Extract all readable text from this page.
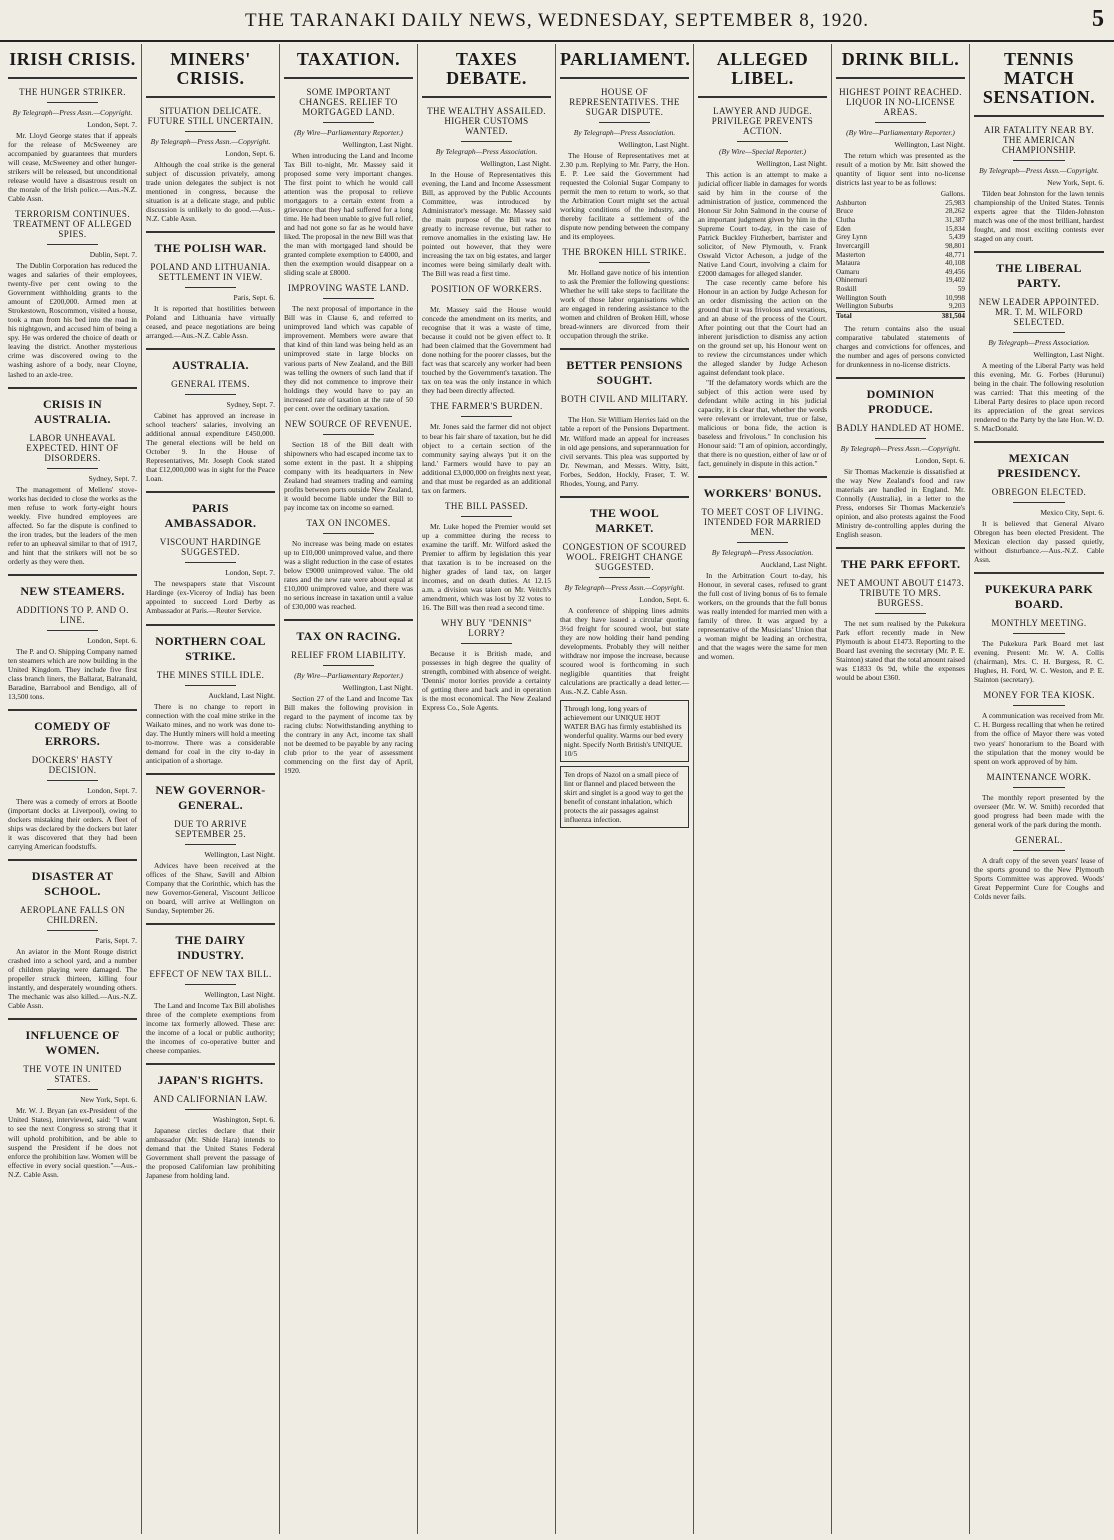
THE TARANAKI DAILY NEWS, WEDNESDAY, SEPTEMBER 8, 1920.	5
IRISH CRISIS.
THE HUNGER STRIKER.
By Telegraph—Press Assn.—Copyright.
London, Sept. 7.

Mr. Lloyd George states that if appeals for the release of McSweeney are accompanied by guarantees that murders will cease, McSweeney and other hunger-strikers will be released, but unconditional release would have a disastrous result on the morale of the Irish police.—Aus.-N.Z. Cable Assn.

TERRORISM CONTINUES. TREATMENT OF ALLEGED SPIES.
Dublin, Sept. 7.

The Dublin Corporation has reduced the wages and salaries of their employees, twenty-five per cent owing to the Government withholding grants to the amount of £200,000. Armed men at Strokestown, Roscommon, visited a house, took a man from his bed into the road in his nightgown, and accused him of being a spy. He was ordered the choice of death or leaving the district. Another mysterious crime was discovered owing to the washing ashore of a body, near Cloyne, lashed to an axle-tree.

CRISIS IN AUSTRALIA.
LABOR UNHEAVAL EXPECTED. HINT OF DISORDERS.
Sydney, Sept. 7.

The management of Mellens' stove-works has decided to close the works as the men refuse to work forty-eight hours weekly. Five hundred employees are affected. So far the dispute is confined to the iron trades, but the leaders of the men refer to an upheaval similar to that of 1917, and hint that the strikers will not be so orderly as they were then.

NEW STEAMERS.
ADDITIONS TO P. AND O. LINE.
London, Sept. 6.

The P. and O. Shipping Company named ten steamers which are now building in the United Kingdom. They include five first class branch liners, the Ballarat, Balranald, Baradine, Barrabool and Bendigo, all of 13,500 tons.

COMEDY OF ERRORS.
DOCKERS' HASTY DECISION.
London, Sept. 7.

There was a comedy of errors at Bootle (important docks at Liverpool), owing to dockers mistaking their orders. A fleet of ships was declared by the dockers but later it was discovered that they had been carrying American foodstuffs.

DISASTER AT SCHOOL.
AEROPLANE FALLS ON CHILDREN.
Paris, Sept. 7.

An aviator in the Mont Rouge district crashed into a school yard, and a number of children playing were damaged. The propeller struck thirteen, killing four instantly, and desperately wounding others. The mechanic was also killed.—Aus.-N.Z. Cable Assn.

INFLUENCE OF WOMEN.
THE VOTE IN UNITED STATES.
New York, Sept. 6.

Mr. W. J. Bryan (an ex-President of the United States), interviewed, said: "I want to see the next Congress so strong that it will uphold prohibition, and be able to suspend the President if he does not enforce the prohibition law. Women will be effective in every social question."—Aus.-N.Z. Cable Assn.

MINERS' CRISIS.
SITUATION DELICATE. FUTURE STILL UNCERTAIN.
By Telegraph—Press Assn.—Copyright.
London, Sept. 6.

Although the coal strike is the general subject of discussion privately, among trade union delegates the subject is not mentioned in congress, because the situation is at a delicate stage, and public discussion is unlikely to do good.—Aus.-N.Z. Cable Assn.

THE POLISH WAR.
POLAND AND LITHUANIA. SETTLEMENT IN VIEW.
Paris, Sept. 6.

It is reported that hostilities between Poland and Lithuania have virtually ceased, and peace negotiations are being arranged.—Aus.-N.Z. Cable Assn.

AUSTRALIA.
GENERAL ITEMS.
Sydney, Sept. 7.

Cabinet has approved an increase in school teachers' salaries, involving an additional annual expenditure £450,000. The general elections will be held on October 9. In the House of Representatives, Mr. Joseph Cook stated that £12,000,000 was in sight for the Peace Loan.

PARIS AMBASSADOR.
VISCOUNT HARDINGE SUGGESTED.
London, Sept. 7.

The newspapers state that Viscount Hardinge (ex-Viceroy of India) has been appointed to succeed Lord Derby as Ambassador at Paris.—Reuter Service.

NORTHERN COAL STRIKE.
THE MINES STILL IDLE.
Auckland, Last Night.

There is no change to report in connection with the coal mine strike in the Waikato mines, and no work was done to-day. The Huntly miners will hold a meeting to-morrow. There was a considerable demand for coal in the city to-day in anticipation of a shortage.

NEW GOVERNOR-GENERAL.
DUE TO ARRIVE SEPTEMBER 25.
Wellington, Last Night.

Advices have been received at the offices of the Shaw, Savill and Albion Company that the Corinthic, which has the new Governor-General, Viscount Jellicoe on board, will arrive at Wellington on Sunday, September 26.

THE DAIRY INDUSTRY.
EFFECT OF NEW TAX BILL.
Wellington, Last Night.

The Land and Income Tax Bill abolishes three of the complete exemptions from income tax formerly allowed. These are: the income of a local or public authority; the incomes of co-operative butter and cheese companies.

JAPAN'S RIGHTS.
AND CALIFORNIAN LAW.
Washington, Sept. 6.

Japanese circles declare that their ambassador (Mr. Shide Hara) intends to demand that the United States Federal Government shall prevent the passage of the proposed Californian law prohibiting Japanese from holding land.

TAXATION.
SOME IMPORTANT CHANGES. RELIEF TO MORTGAGED LAND.
(By Wire—Parliamentary Reporter.)
Wellington, Last Night.

When introducing the Land and Income Tax Bill to-night, Mr. Massey said it proposed some very important changes. The first point to which he would call attention was the proposal to relieve mortgagors to a certain extent from a grievance that they had suffered for a long time. He had been unable to give full relief, and had not gone so far as he would have liked. The proposal in the new Bill was that the man with mortgaged land should be granted complete exemption to £4000, and then the exemption would disappear on a sliding scale at £8000.

IMPROVING WASTE LAND.

The next proposal of importance in the Bill was in Clause 6, and referred to unimproved land which was capable of improvement. Members were aware that that kind of thin land was being held as an unimproved state in large blocks on various parts of New Zealand, and the Bill was telling the owners of such land that if they did not commence to improve their holdings they would have to pay an increased rate of taxation at the rate of 50 per cent. over the ordinary taxation.

NEW SOURCE OF REVENUE.

Section 18 of the Bill dealt with shipowners who had escaped income tax to some extent in the past. It a shipping company with its headquarters in New Zealand had steamers trading and earning profits between ports outside New Zealand, it would become liable under the Bill to pay income tax on income so earned.

TAX ON INCOMES.

No increase was being made on estates up to £10,000 unimproved value, and there was a slight reduction in the case of estates below £9000 unimproved value. The old rates and the new rate were about equal at £10,000 unimproved value, and there was no serious increase in taxation until a value of £30,000 was reached.

TAX ON RACING.
RELIEF FROM LIABILITY.
(By Wire—Parliamentary Reporter.)
Wellington, Last Night.

Section 27 of the Land and Income Tax Bill makes the following provision in regard to the payment of income tax by racing clubs: Notwithstanding anything to the contrary in any Act, income tax shall not be deemed to be payable by any racing club prior to the year of assessment commencing on the first day of April, 1920.

TAXES DEBATE.
THE WEALTHY ASSAILED. HIGHER CUSTOMS WANTED.
By Telegraph—Press Association.
Wellington, Last Night.

In the House of Representatives this evening, the Land and Income Assessment Bill, as approved by the Public Accounts Committee, was introduced by Administrator's message. Mr. Massey said the main purpose of the Bill was not greatly to increase revenue, but rather to remove anomalies in the existing law. He pointed out however, that they were increasing the tax on big estates, and larger incomes were being similarly dealt with. The Bill was read a first time.

POSITION OF WORKERS.

Mr. Massey said the House would concede the amendment on its merits, and recognise that it was a waste of time, because it could not be given effect to. It had been claimed that the Government had done nothing for the poorer classes, but the fact was that scarcely any worker had been touched by the Government's taxation. The tax on tea was the only instance in which they had been directly affected.

THE FARMER'S BURDEN.

Mr. Jones said the farmer did not object to bear his fair share of taxation, but he did object to a certain section of the community saying always 'put it on the land.' Farmers would have to pay an additional £3,000,000 on freights next year, and that must be regarded as an additional tax on farmers.

THE BILL PASSED.

Mr. Luke hoped the Premier would set up a committee during the recess to examine the tariff. Mr. Wilford asked the Premier to affirm by legislation this year that taxation is to be increased on the higher grades of land tax, on larger incomes, and on death duties. At 12.15 a.m. a division was taken on Mr. Veitch's amendment, which was lost by 32 votes to 16. The Bill was then read a second time.

WHY BUY "DENNIS" LORRY?

Because it is British made, and possesses in high degree the quality of strength, combined with absence of weight. 'Dennis' motor lorries provide a certainty of getting there and back and in operation is the most economical. The New Zealand Express Co., Sole Agents.

PARLIAMENT.
HOUSE OF REPRESENTATIVES. THE SUGAR DISPUTE.
By Telegraph—Press Association.
Wellington, Last Night.

The House of Representatives met at 2.30 p.m. Replying to Mr. Parry, the Hon. E. P. Lee said the Government had requested the Colonial Sugar Company to permit the men to return to work, so that the Arbitration Court might set the actual working conditions of the industry, and thereby facilitate a settlement of the dispute now pending between the company and its employees.

THE BROKEN HILL STRIKE.

Mr. Holland gave notice of his intention to ask the Premier the following questions: Whether he will take steps to facilitate the work of those labor organisations which are engaged in rendering assistance to the women and children of Broken Hill, whose bread-winners are divorced from their occupation through the strike.

BETTER PENSIONS SOUGHT.
BOTH CIVIL AND MILITARY.

The Hon. Sir William Herries laid on the table a report of the Pensions Department. Mr. Wilford made an appeal for increases in old age pensions, and superannuation for civil servants. This plea was supported by Dr. Newman, and Messrs. Witty, Isitt, Forbes, Seddon, Hockly, Fraser, T. W. Rhodes, Young, and Parry.

THE WOOL MARKET.
CONGESTION OF SCOURED WOOL. FREIGHT CHANGE SUGGESTED.
By Telegraph—Press Assn.—Copyright.
London, Sept. 6.

A conference of shipping lines admits that they have issued a circular quoting 3½d freight for scoured wool, but state they are now holding their hand pending developments. Probably they will neither withdraw nor impose the increase, because scoured wool is forthcoming in such negligible quantities that freight calculations are practically a dead letter.—Aus.-N.Z. Cable Assn.

Through long, long years of achievement our UNIQUE HOT WATER BAG has firmly established its wonderful quality. Warms our bed every night. Specify North British's UNIQUE. 10/5
Ten drops of Nazol on a small piece of lint or flannel and placed between the skirt and singlet is a good way to get the benefit of constant inhalation, which protects the air passages against influenza infection.
ALLEGED LIBEL.
LAWYER AND JUDGE. PRIVILEGE PREVENTS ACTION.
(By Wire—Special Reporter.)
Wellington, Last Night.

This action is an attempt to make a judicial officer liable in damages for words said by him in the course of the administration of justice, commenced the Honour Sir John Salmond in the course of an important judgment given by him in the Supreme Court to-day, in the case of Patrick Buckley Fitzherbert, barrister and solicitor, of New Plymouth, v. Frank Oswald Victor Acheson, a judge of the Native Land Court, involving a claim for £2000 damages for alleged slander.

The case recently came before his Honour in an action by Judge Acheson for an order dismissing the action on the ground that it was frivolous and vexatious, and an abuse of the process of the Court. After pointing out that the Court had an inherent jurisdiction to dismiss any action on the ground set up, his Honour went on to review the circumstances under which the alleged slander by Judge Acheson against defendant took place.

"If the defamatory words which are the subject of this action were used by defendant while acting in his judicial capacity, it is clear that, whether the words were relevant or irrelevant, true or false, malicious or bona fide, the action is baseless and frivolous." In conclusion his Honour said: "I am of opinion, accordingly, that there is no question, either of law or of fact, genuinely in dispute in this action."

WORKERS' BONUS.
TO MEET COST OF LIVING. INTENDED FOR MARRIED MEN.
By Telegraph—Press Association.
Auckland, Last Night.

In the Arbitration Court to-day, his Honour, in several cases, refused to grant the full cost of living bonus of 6s to female workers, on the grounds that the full bonus was really intended for married men with a family of three. It was argued by a representative of the Musicians' Union that a woman might be leading an orchestra, and that the wages were the same for men and women.

DRINK BILL.
HIGHEST POINT REACHED. LIQUOR IN NO-LICENSE AREAS.
(By Wire—Parliamentary Reporter.)
Wellington, Last Night.

The return which was presented as the result of a motion by Mr. Isitt showed the quantity of liquor sent into no-license districts last year to be as follows:

	Gallons.
Ashburton	25,983
Bruce	28,262
Clutha	31,387
Eden	15,834
Grey Lynn	5,439
Invercargill	98,801
Masterton	48,771
Mataura	40,108
Oamaru	49,456
Ohinemuri	19,402
Roskill	59
Wellington South	10,998
Wellington Suburbs	9,203
Total	381,504

The return contains also the usual comparative tabulated statements of charges and convictions for offences, and the number and ages of persons convicted for drunkenness in no-license districts.

DOMINION PRODUCE.
BADLY HANDLED AT HOME.
By Telegraph—Press Assn.—Copyright.
London, Sept. 6.

Sir Thomas Mackenzie is dissatisfied at the way New Zealand's food and raw materials are handled in England. Mr. Connolly (Australia), in a letter to the Press, endorses Sir Thomas Mackenzie's opinion, and also protests against the Food Ministry de-controlling apples during the English season.

THE PARK EFFORT.
NET AMOUNT ABOUT £1473. TRIBUTE TO MRS. BURGESS.

The net sum realised by the Pukekura Park effort recently made in New Plymouth is about £1473. Reporting to the Board last evening the secretary (Mr. P. E. Stainton) stated that the total amount raised was £1833 0s 9d, while the expenses would be about £360.

TENNIS MATCH SENSATION.
AIR FATALITY NEAR BY. THE AMERICAN CHAMPIONSHIP.
By Telegraph—Press Assn.—Copyright.
New York, Sept. 6.

Tilden beat Johnston for the lawn tennis championship of the United States. Tennis experts agree that the Tilden-Johnston match was one of the most brilliant, hardest fought, and most exciting contests ever staged on any court.

THE LIBERAL PARTY.
NEW LEADER APPOINTED. MR. T. M. WILFORD SELECTED.
By Telegraph—Press Association.
Wellington, Last Night.

A meeting of the Liberal Party was held this evening, Mr. G. Forbes (Hurunui) being in the chair. The following resolution was carried: That this meeting of the Liberal Party desires to place upon record its appreciation of the great services rendered to the Party by the late Hon. W. D. S. MacDonald.

MEXICAN PRESIDENCY.
OBREGON ELECTED.
Mexico City, Sept. 6.

It is believed that General Alvaro Obregon has been elected President. The Mexican election day passed quietly, without disturbance.—Aus.-N.Z. Cable Assn.

PUKEKURA PARK BOARD.
MONTHLY MEETING.

The Pukekura Park Board met last evening. Present: Mr. W. A. Collis (chairman), Mrs. C. H. Burgess, R. C. Hughes, H. Ford, W. C. Weston, and P. E. Stainton (secretary).

MONEY FOR TEA KIOSK.

A communication was received from Mr. C. H. Burgess recalling that when he retired from the office of Mayor there was voted two years' honorarium to the Board with the stipulation that the money would be spent on work approved of by him.

MAINTENANCE WORK.

The monthly report presented by the overseer (Mr. W. W. Smith) recorded that good progress had been made with the general work of the park during the month.

GENERAL.

A draft copy of the seven years' lease of the sports ground to the New Plymouth Sports Committee was approved. Woods' Great Peppermint Cure for Coughs and Colds never fails.
